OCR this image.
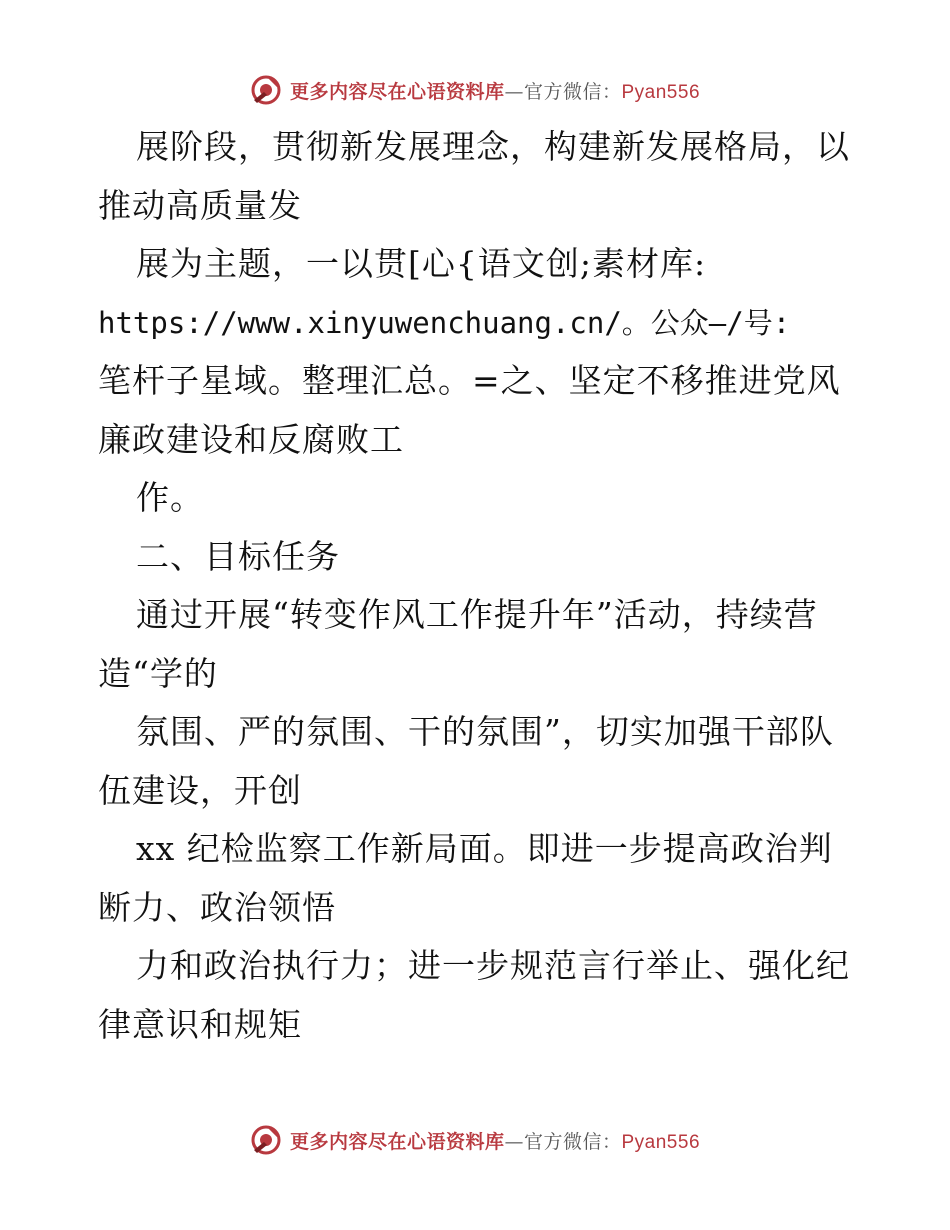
更多内容尽在心语资料库—官方微信：Pyan556
展阶段，贯彻新发展理念，构建新发展格局，以
推动高质量发
展为主题，一以贯[心{语文创;素材库:
https://www.xinyuwenchuang.cn/。公众—/号:
笔杆子星域。整理汇总。=之、坚定不移推进党风
廉政建设和反腐败工
作。
二、目标任务
通过开展“转变作风工作提升年”活动，持续营
造“学的
氛围、严的氛围、干的氛围”，切实加强干部队
伍建设，开创
xx 纪检监察工作新局面。即进一步提高政治判
断力、政治领悟
力和政治执行力；进一步规范言行举止、强化纪
律意识和规矩
更多内容尽在心语资料库—官方微信：Pyan556
